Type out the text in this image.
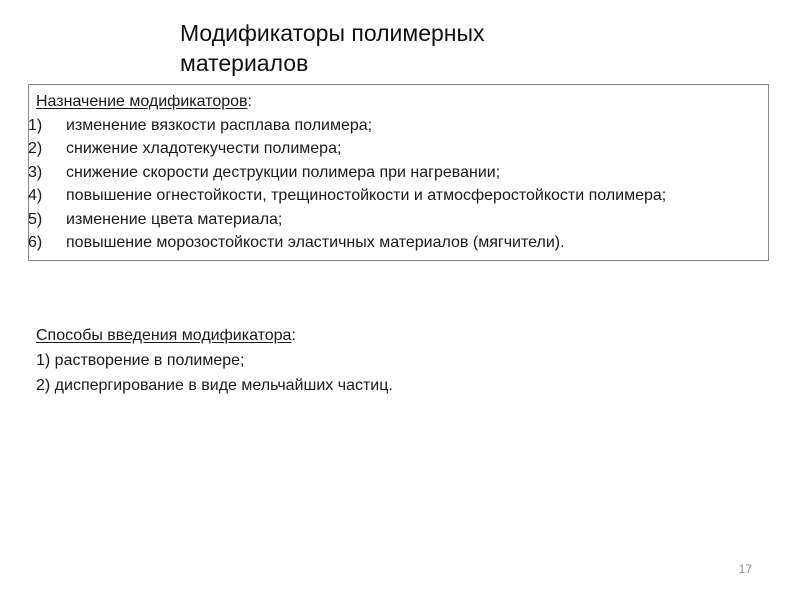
Модификаторы полимерных материалов
Назначение модификаторов:
1)	изменение вязкости расплава полимера;
2)	снижение хладотекучести полимера;
3)	снижение скорости деструкции полимера при нагревании;
4)	повышение огнестойкости, трещиностойкости и атмосферостойкости полимера;
5)	изменение цвета материала;
6)	повышение морозостойкости эластичных материалов (мягчители).
Способы введения модификатора:
1) растворение в полимере;
2) диспергирование в виде мельчайших частиц.
17
